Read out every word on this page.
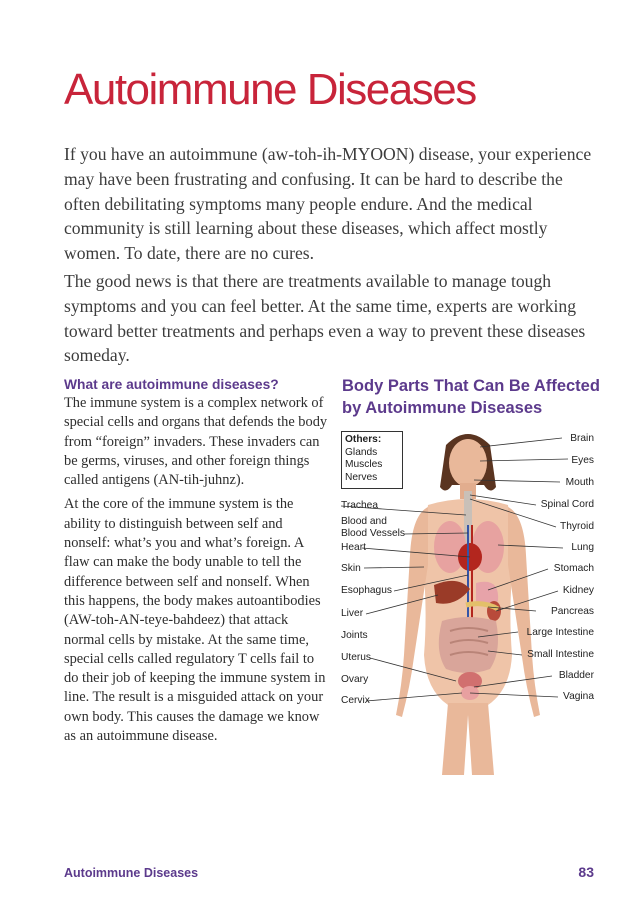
Autoimmune Diseases

If you have an autoimmune (aw-toh-ih-MYOON) disease, your experience may have been frustrating and confusing. It can be hard to describe the often debilitating symptoms many people endure. And the medical community is still learning about these diseases, which affect mostly women. To date, there are no cures.

The good news is that there are treatments available to manage tough symptoms and you can feel better. At the same time, experts are working toward better treatments and perhaps even a way to prevent these diseases someday.

What are autoimmune diseases?

The immune system is a complex network of special cells and organs that defends the body from “foreign” invaders. These invaders can be germs, viruses, and other foreign things called antigens (AN-tih-juhnz).

At the core of the immune system is the ability to distinguish between self and nonself: what’s you and what’s foreign. A flaw can make the body unable to tell the difference between self and nonself. When this happens, the body makes autoantibodies (AW-toh-AN-teye-bahdeez) that attack normal cells by mistake. At the same time, special cells called regulatory T cells fail to do their job of keeping the immune system in line. The result is a misguided attack on your own body. This causes the damage we know as an autoimmune disease.

Body Parts That Can Be Affected by Autoimmune Diseases
Others:
Glands
Muscles
Nerves
Trachea
Blood and
Blood Vessels
Heart
Skin
Esophagus
Liver
Joints
Uterus
Ovary
Cervix
Brain
Eyes
Mouth
Spinal Cord
Thyroid
Lung
Stomach
Kidney
Pancreas
Large Intestine
Small Intestine
Bladder
Vagina
Autoimmune Diseases	83
